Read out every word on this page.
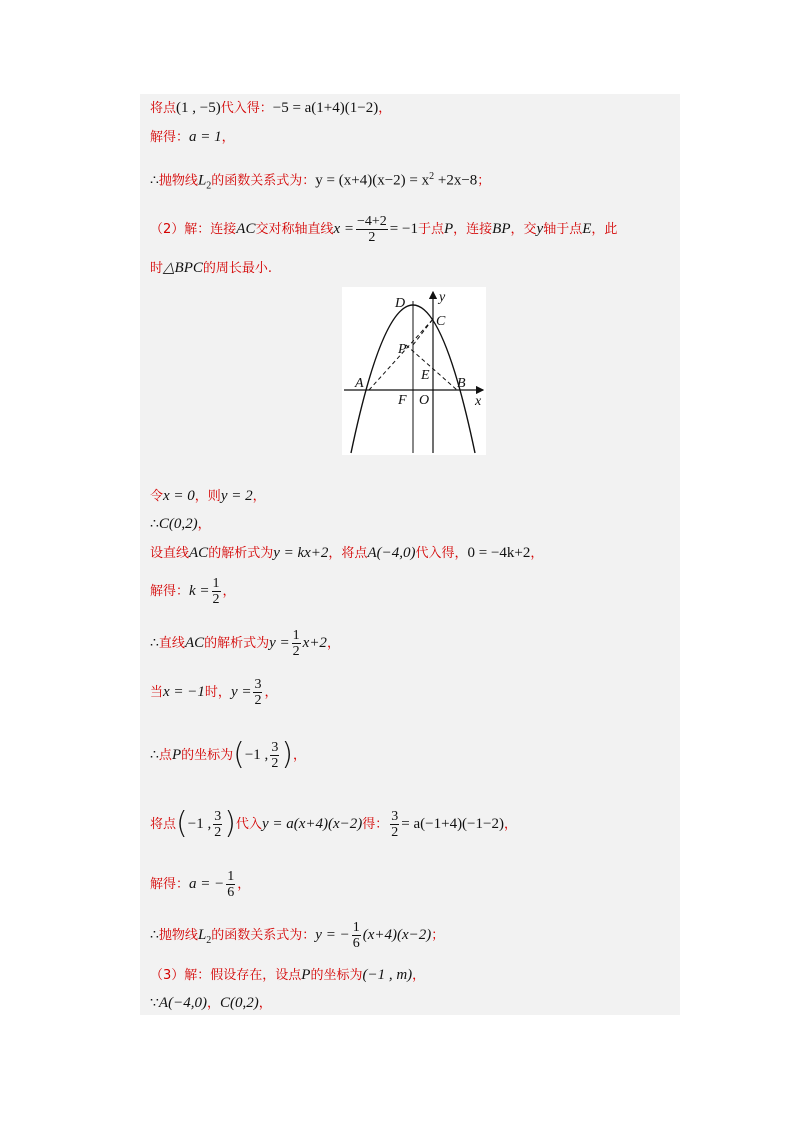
将点(1 , −5)代入得：−5 = a(1+4)(1−2)，
解得：a = 1，
∴抛物线$L_2$的函数关系式为：$y = (x+4)(x-2) = x^2 +2x-8$；
（2）解：连接AC交对称轴直线$x = \frac{-4+2}{2} = -1$于点P，连接BP，交y轴于点E，此
时△BPC的周长最小.
D y
C
P
E
A	B
F O	x
令x = 0，则y = 2，
∴C(0,2)，
设直线AC的解析式为y = kx+2，将点A(−4,0)代入得，0 = −4k+2，
解得：$k = \frac{1}{2}$ ，
∴直线AC的解析式为$y = \frac{1}{2} x+2$，
当x = −1时，$y = \frac{3}{2}$ ，
∴点P的坐标为(−1 , $\frac{3}{2}$ )，
将点(−1 , $\frac{3}{2}$ )代入y = a(x+4)(x−2)得： $\frac{3}{2} = a(-1+4)(-1-2)$，
解得：a = − $\frac{1}{6}$ ，
∴抛物线$L_2$的函数关系式为：y = − $\frac{1}{6} (x+4)(x-2)$；
（3）解：假设存在，设点P的坐标为(−1 , m)，
∵A(−4,0)，C(0,2)，
